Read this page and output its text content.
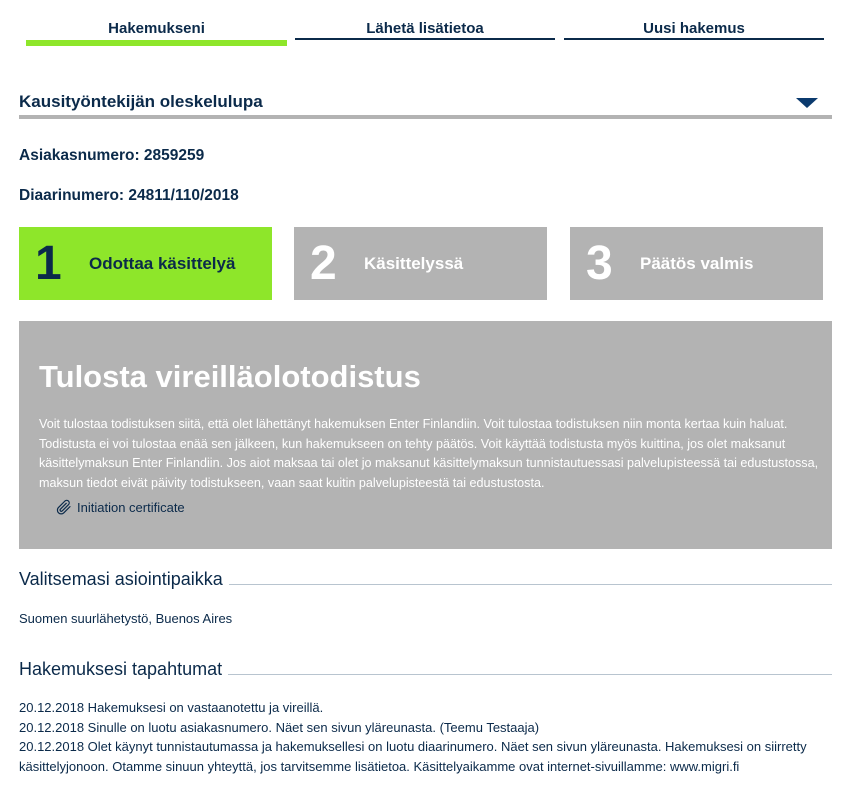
Hakemukseni	Lähetä lisätietoa	Uusi hakemus
Kausityöntekijän oleskelulupa
Asiakasnumero: 2859259
Diaarinumero: 24811/110/2018
1	Odottaa käsittelyä 2	Käsittelyssä	3	Päätös valmis
Tulosta vireilläolotodistus

Voit tulostaa todistuksen siitä, että olet lähettänyt hakemuksen Enter Finlandiin. Voit tulostaa todistuksen niin monta kertaa kuin haluat. Todistusta ei voi tulostaa enää sen jälkeen, kun hakemukseen on tehty päätös. Voit käyttää todistusta myös kuittina, jos olet maksanut käsittelymaksun Enter Finlandiin. Jos aiot maksaa tai olet jo maksanut käsittelymaksun tunnistautuessasi palvelupisteessä tai edustustossa, maksun tiedot eivät päivity todistukseen, vaan saat kuitin palvelupisteestä tai edustustosta.

Initiation certificate
Valitsemasi asiointipaikka
Suomen suurlähetystö, Buenos Aires
Hakemuksesi tapahtumat
20.12.2018 Hakemuksesi on vastaanotettu ja vireillä.
20.12.2018 Sinulle on luotu asiakasnumero. Näet sen sivun yläreunasta. (Teemu Testaaja)
20.12.2018 Olet käynyt tunnistautumassa ja hakemuksellesi on luotu diaarinumero. Näet sen sivun yläreunasta. Hakemuksesi on siirretty käsittelyjonoon. Otamme sinuun yhteyttä, jos tarvitsemme lisätietoa. Käsittelyaikamme ovat internet-sivuillamme: www.migri.fi
